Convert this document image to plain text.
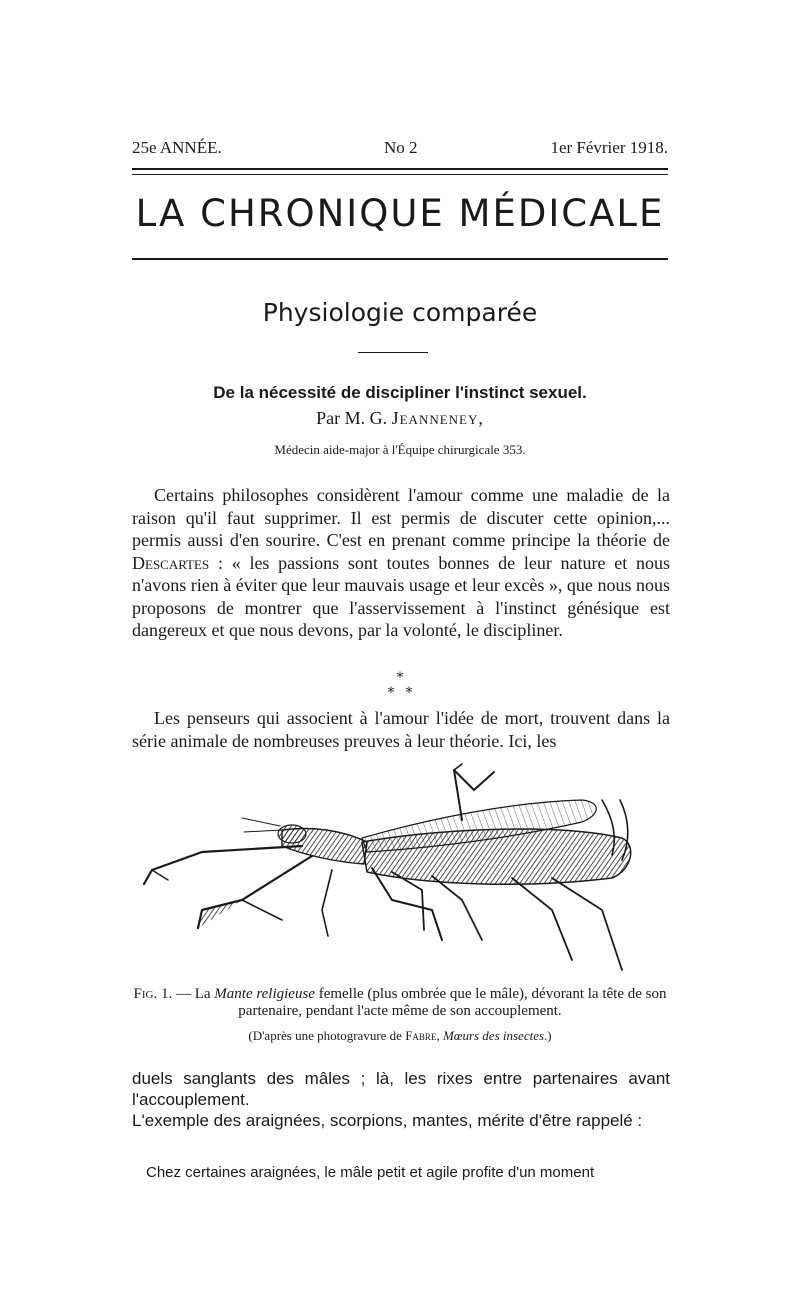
25e ANNÉE.	No 2	1er Février 1918.
LA CHRONIQUE MÉDICALE
Physiologie comparée
De la nécessité de discipliner l'instinct sexuel.
Par M. G. Jeanneney,
Médecin aide-major à l'Équipe chirurgicale 353.
Certains philosophes considèrent l'amour comme une maladie de la raison qu'il faut supprimer. Il est permis de discuter cette opinion,... permis aussi d'en sourire. C'est en prenant comme principe la théorie de Descartes : « les passions sont toutes bonnes de leur nature et nous n'avons rien à éviter que leur mauvais usage et leur excès », que nous nous proposons de montrer que l'asservissement à l'instinct génésique est dangereux et que nous devons, par la volonté, le discipliner.
*
* *
Les penseurs qui associent à l'amour l'idée de mort, trouvent dans la série animale de nombreuses preuves à leur théorie. Ici, les
Fig. 1. — La Mante religieuse femelle (plus ombrée que le mâle), dévorant la tête de son partenaire, pendant l'acte même de son accouplement.
(D'après une photogravure de Fabre, Mœurs des insectes.)
duels sanglants des mâles ; là, les rixes entre partenaires avant l'accouplement.
L'exemple des araignées, scorpions, mantes, mérite d'être rappelé :
Chez certaines araignées, le mâle petit et agile profite d'un moment
